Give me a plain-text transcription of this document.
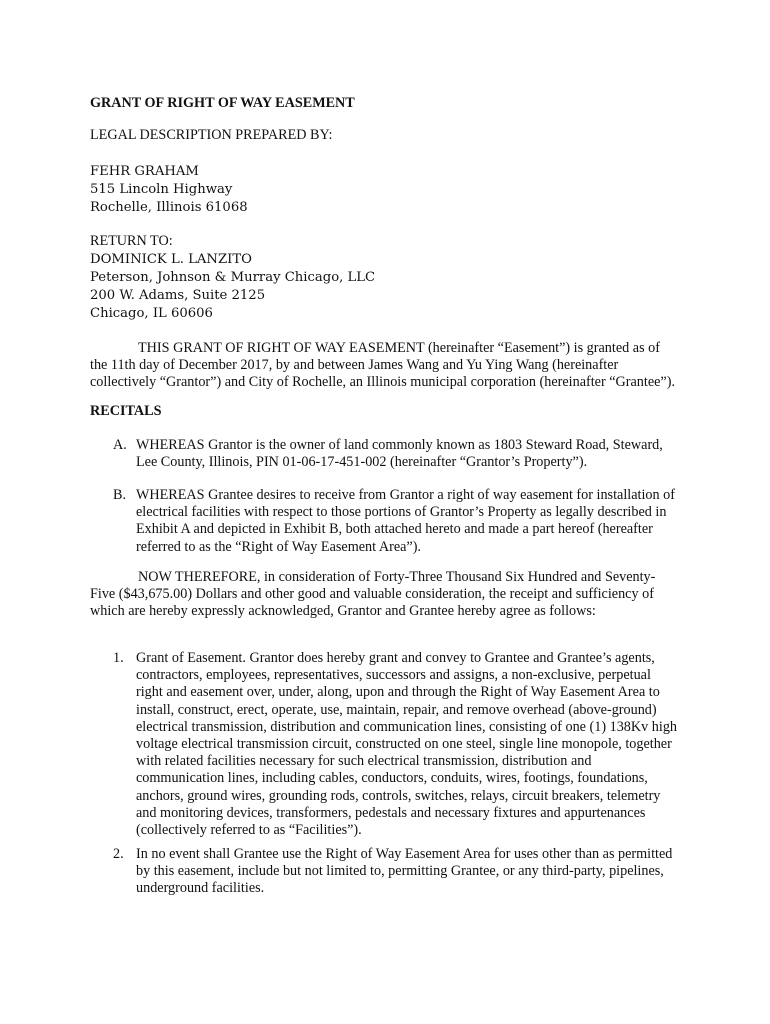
GRANT OF RIGHT OF WAY EASEMENT

LEGAL DESCRIPTION PREPARED BY:

FEHR GRAHAM
515 Lincoln Highway
Rochelle, Illinois 61068

RETURN TO:

DOMINICK L. LANZITO
Peterson, Johnson & Murray Chicago, LLC
200 W. Adams, Suite 2125
Chicago, IL 60606

THIS GRANT OF RIGHT OF WAY EASEMENT (hereinafter “Easement”) is granted as of the 11th day of December 2017, by and between James Wang and Yu Ying Wang (hereinafter collectively “Grantor”) and City of Rochelle, an Illinois municipal corporation (hereinafter “Grantee”).

RECITALS

A. WHEREAS Grantor is the owner of land commonly known as 1803 Steward Road, Steward, Lee County, Illinois, PIN 01-06-17-451-002 (hereinafter “Grantor’s Property”).
B. WHEREAS Grantee desires to receive from Grantor a right of way easement for installation of electrical facilities with respect to those portions of Grantor’s Property as legally described in Exhibit A and depicted in Exhibit B, both attached hereto and made a part hereof (hereafter referred to as the “Right of Way Easement Area”).

NOW THEREFORE, in consideration of Forty-Three Thousand Six Hundred and Seventy-Five ($43,675.00) Dollars and other good and valuable consideration, the receipt and sufficiency of which are hereby expressly acknowledged, Grantor and Grantee hereby agree as follows:

1. Grant of Easement. Grantor does hereby grant and convey to Grantee and Grantee’s agents, contractors, employees, representatives, successors and assigns, a non-exclusive, perpetual right and easement over, under, along, upon and through the Right of Way Easement Area to install, construct, erect, operate, use, maintain, repair, and remove overhead (above-ground) electrical transmission, distribution and communication lines, consisting of one (1) 138Kv high voltage electrical transmission circuit, constructed on one steel, single line monopole, together with related facilities necessary for such electrical transmission, distribution and communication lines, including cables, conductors, conduits, wires, footings, foundations, anchors, ground wires, grounding rods, controls, switches, relays, circuit breakers, telemetry and monitoring devices, transformers, pedestals and necessary fixtures and appurtenances (collectively referred to as “Facilities”).
2. In no event shall Grantee use the Right of Way Easement Area for uses other than as permitted by this easement, include but not limited to, permitting Grantee, or any third-party, pipelines, underground facilities.
